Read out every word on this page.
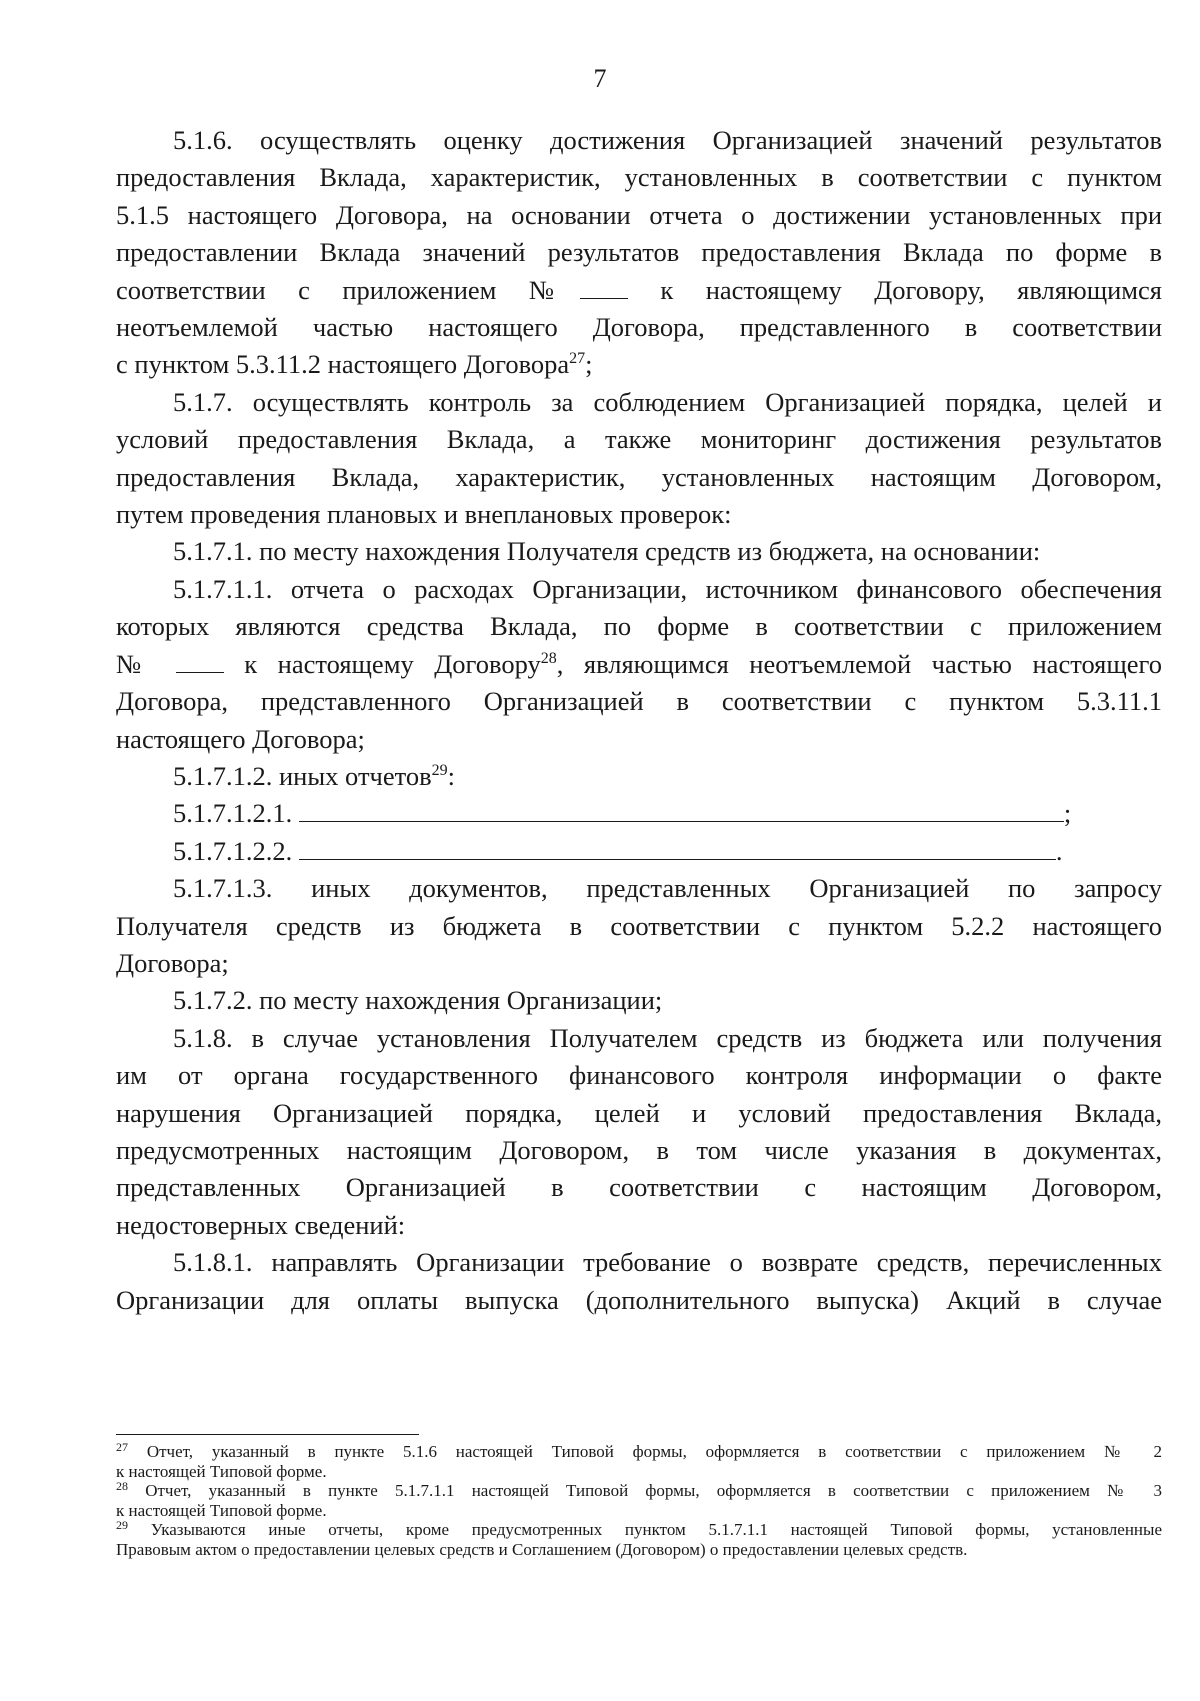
7

5.1.6. осуществлять оценку достижения Организацией значений результатов

предоставления Вклада, характеристик, установленных в соответствии с пунктом

5.1.5 настоящего Договора, на основании отчета о достижении установленных при

предоставлении Вклада значений результатов предоставления Вклада по форме в

соответствии с приложением №	к настоящему Договору, являющимся

неотъемлемой частью настоящего Договора, представленного в соответствии

с пунктом 5.3.11.2 настоящего Договора$^{27}$;

5.1.7. осуществлять контроль за соблюдением Организацией порядка, целей и

условий предоставления Вклада, а также мониторинг достижения результатов

предоставления Вклада, характеристик, установленных настоящим Договором,

путем проведения плановых и внеплановых проверок:

5.1.7.1. по месту нахождения Получателя средств из бюджета, на основании:

5.1.7.1.1. отчета о расходах Организации, источником финансового обеспечения

которых являются средства Вклада, по форме в соответствии с приложением

№	к настоящему Договору$^{28}$, являющимся неотъемлемой частью настоящего

Договора, представленного Организацией в соответствии с пунктом 5.3.11.1

настоящего Договора;

5.1.7.1.2. иных отчетов$^{29}$:

5.1.7.1.2.1.	;

5.1.7.1.2.2.	.

5.1.7.1.3. иных документов, представленных Организацией по запросу

Получателя средств из бюджета в соответствии с пунктом 5.2.2 настоящего

Договора;

5.1.7.2. по месту нахождения Организации;

5.1.8. в случае установления Получателем средств из бюджета или получения

им от органа государственного финансового контроля информации о факте

нарушения Организацией порядка, целей и условий предоставления Вклада,

предусмотренных настоящим Договором, в том числе указания в документах,

представленных Организацией в соответствии с настоящим Договором,

недостоверных сведений:

5.1.8.1. направлять Организации требование о возврате средств, перечисленных

Организации для оплаты выпуска (дополнительного выпуска) Акций в случае

$^{27}$ Отчет, указанный в пункте 5.1.6 настоящей Типовой формы, оформляется в соответствии с приложением № 2
к настоящей Типовой форме.

$^{28}$ Отчет, указанный в пункте 5.1.7.1.1 настоящей Типовой формы, оформляется в соответствии с приложением № 3
к настоящей Типовой форме.

$^{29}$ Указываются иные отчеты, кроме предусмотренных пунктом 5.1.7.1.1 настоящей Типовой формы, установленные
Правовым актом о предоставлении целевых средств и Соглашением (Договором) о предоставлении целевых средств.
